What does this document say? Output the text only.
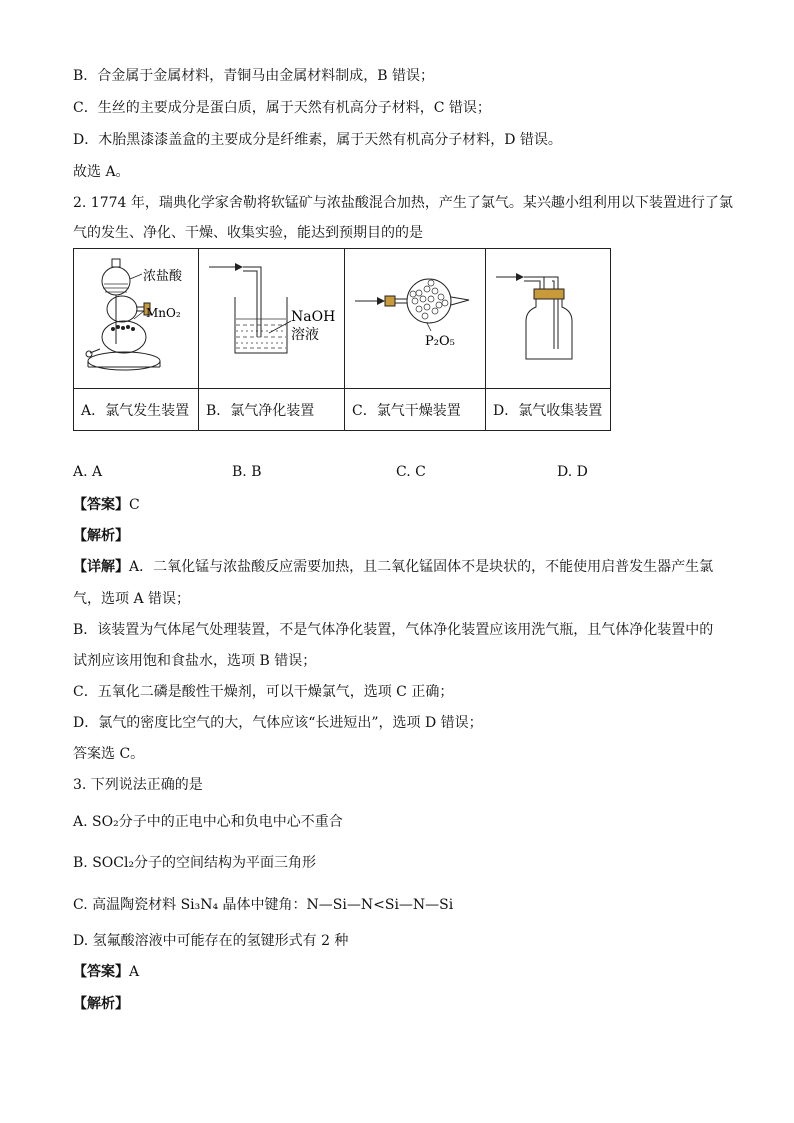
B．合金属于金属材料，青铜马由金属材料制成，B 错误；
C．生丝的主要成分是蛋白质，属于天然有机高分子材料，C 错误；
D．木胎黑漆漆盖盒的主要成分是纤维素，属于天然有机高分子材料，D 错误。
故选 A。
2. 1774 年，瑞典化学家舍勒将软锰矿与浓盐酸混合加热，产生了氯气。某兴趣小组利用以下装置进行了氯
气的发生、净化、干燥、收集实验，能达到预期目的的是
浓盐酸
MnO₂	NaOH
溶液	P₂O₅

A．氯气发生装置	B．氯气净化装置	C．氯气干燥装置	D．氯气收集装置
A. A	B. B	C. C	D. D
【答案】C
【解析】
【详解】A．二氧化锰与浓盐酸反应需要加热，且二氧化锰固体不是块状的，不能使用启普发生器产生氯
气，选项 A 错误；
B．该装置为气体尾气处理装置，不是气体净化装置，气体净化装置应该用洗气瓶，且气体净化装置中的
试剂应该用饱和食盐水，选项 B 错误；
C．五氧化二磷是酸性干燥剂，可以干燥氯气，选项 C 正确；
D．氯气的密度比空气的大，气体应该“长进短出”，选项 D 错误；
答案选 C。
3. 下列说法正确的是
A. SO₂分子中的正电中心和负电中心不重合
B. SOCl₂分子的空间结构为平面三角形
C. 高温陶瓷材料 Si₃N₄ 晶体中键角：N—Si—N<Si—N—Si
D. 氢氟酸溶液中可能存在的氢键形式有 2 种
【答案】A
【解析】
